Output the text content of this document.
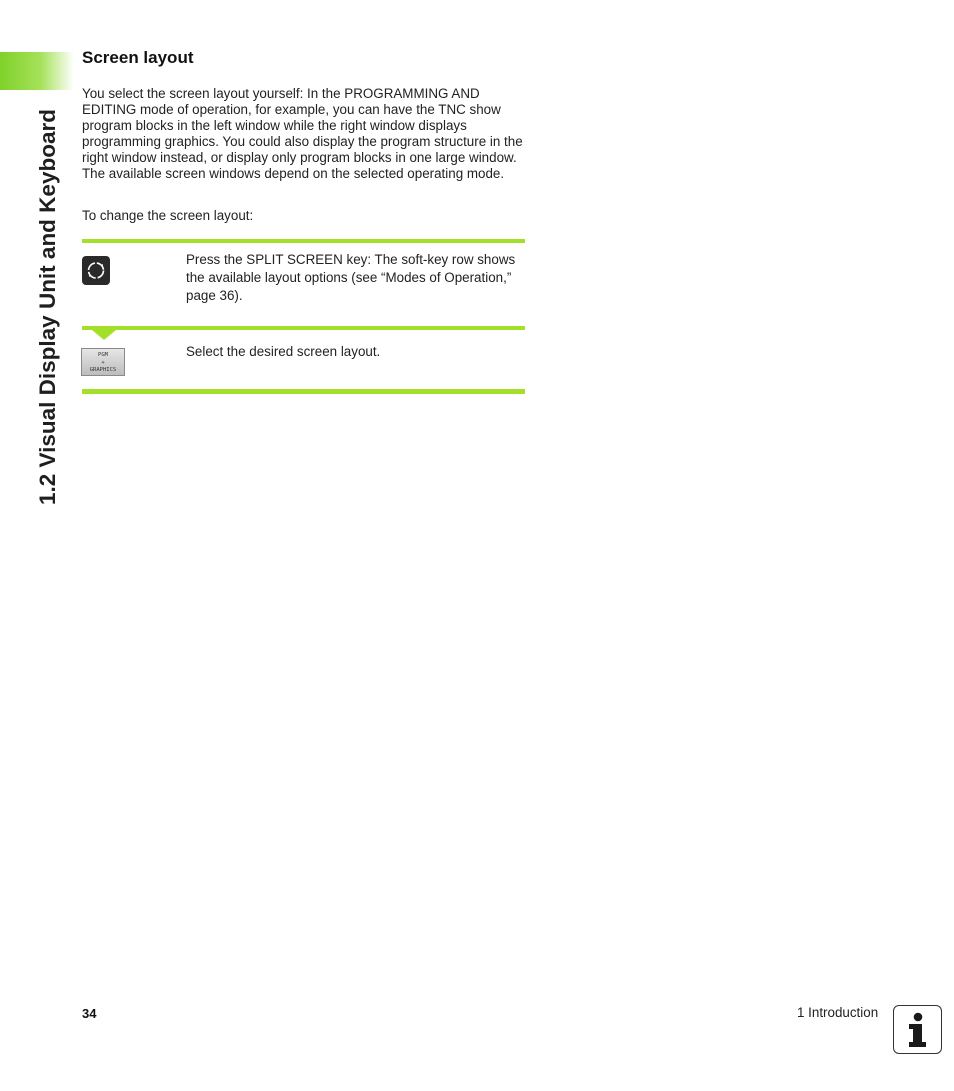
1.2 Visual Display Unit and Keyboard
Screen layout

You select the screen layout yourself: In the PROGRAMMING AND EDITING mode of operation, for example, you can have the TNC show program blocks in the left window while the right window displays programming graphics. You could also display the program structure in the right window instead, or display only program blocks in one large window. The available screen windows depend on the selected operating mode.

To change the screen layout:

Press the SPLIT SCREEN key: The soft-key row shows the available layout options (see “Modes of Operation,” page 36).

PGM
+
GRAPHICS

Select the desired screen layout.

34	1 Introduction
